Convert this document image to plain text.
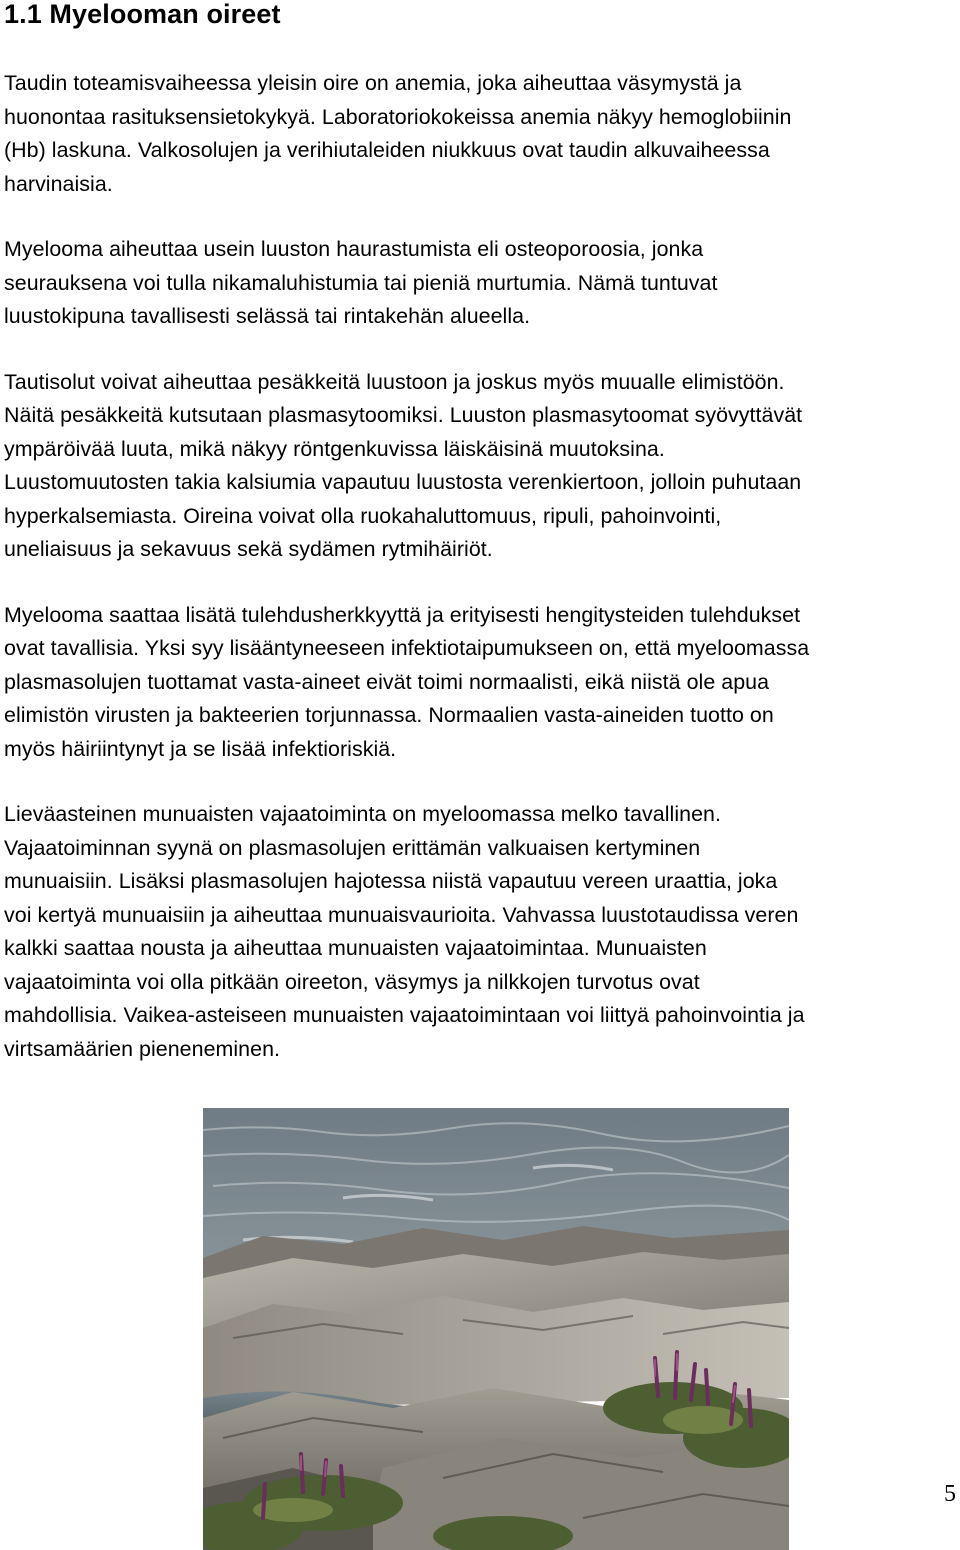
1.1 Myelooman oireet

Taudin toteamisvaiheessa yleisin oire on anemia, joka aiheuttaa väsymystä ja
huonontaa rasituksensietokykyä. Laboratoriokokeissa anemia näkyy hemoglobiinin
(Hb) laskuna. Valkosolujen ja verihiutaleiden niukkuus ovat taudin alkuvaiheessa
harvinaisia.

Myelooma aiheuttaa usein luuston haurastumista eli osteoporoosia, jonka
seurauksena voi tulla nikamaluhistumia tai pieniä murtumia. Nämä tuntuvat
luustokipuna tavallisesti selässä tai rintakehän alueella.

Tautisolut voivat aiheuttaa pesäkkeitä luustoon ja joskus myös muualle elimistöön.
Näitä pesäkkeitä kutsutaan plasmasytoomiksi. Luuston plasmasytoomat syövyttävät
ympäröivää luuta, mikä näkyy röntgenkuvissa läiskäisinä muutoksina.
Luustomuutosten takia kalsiumia vapautuu luustosta verenkiertoon, jolloin puhutaan
hyperkalsemiasta. Oireina voivat olla ruokahaluttomuus, ripuli, pahoinvointi,
uneliaisuus ja sekavuus sekä sydämen rytmihäiriöt.

Myelooma saattaa lisätä tulehdusherkkyyttä ja erityisesti hengitysteiden tulehdukset
ovat tavallisia. Yksi syy lisääntyneeseen infektiotaipumukseen on, että myeloomassa
plasmasolujen tuottamat vasta-aineet eivät toimi normaalisti, eikä niistä ole apua
elimistön virusten ja bakteerien torjunnassa. Normaalien vasta-aineiden tuotto on
myös häiriintynyt ja se lisää infektioriskiä.

Lieväasteinen munuaisten vajaatoiminta on myeloomassa melko tavallinen.
Vajaatoiminnan syynä on plasmasolujen erittämän valkuaisen kertyminen
munuaisiin. Lisäksi plasmasolujen hajotessa niistä vapautuu vereen uraattia, joka
voi kertyä munuaisiin ja aiheuttaa munuaisvaurioita. Vahvassa luustotaudissa veren
kalkki saattaa nousta ja aiheuttaa munuaisten vajaatoimintaa. Munuaisten
vajaatoiminta voi olla pitkään oireeton, väsymys ja nilkkojen turvotus ovat
mahdollisia. Vaikea-asteiseen munuaisten vajaatoimintaan voi liittyä pahoinvointia ja
virtsamäärien pieneneminen.

5
